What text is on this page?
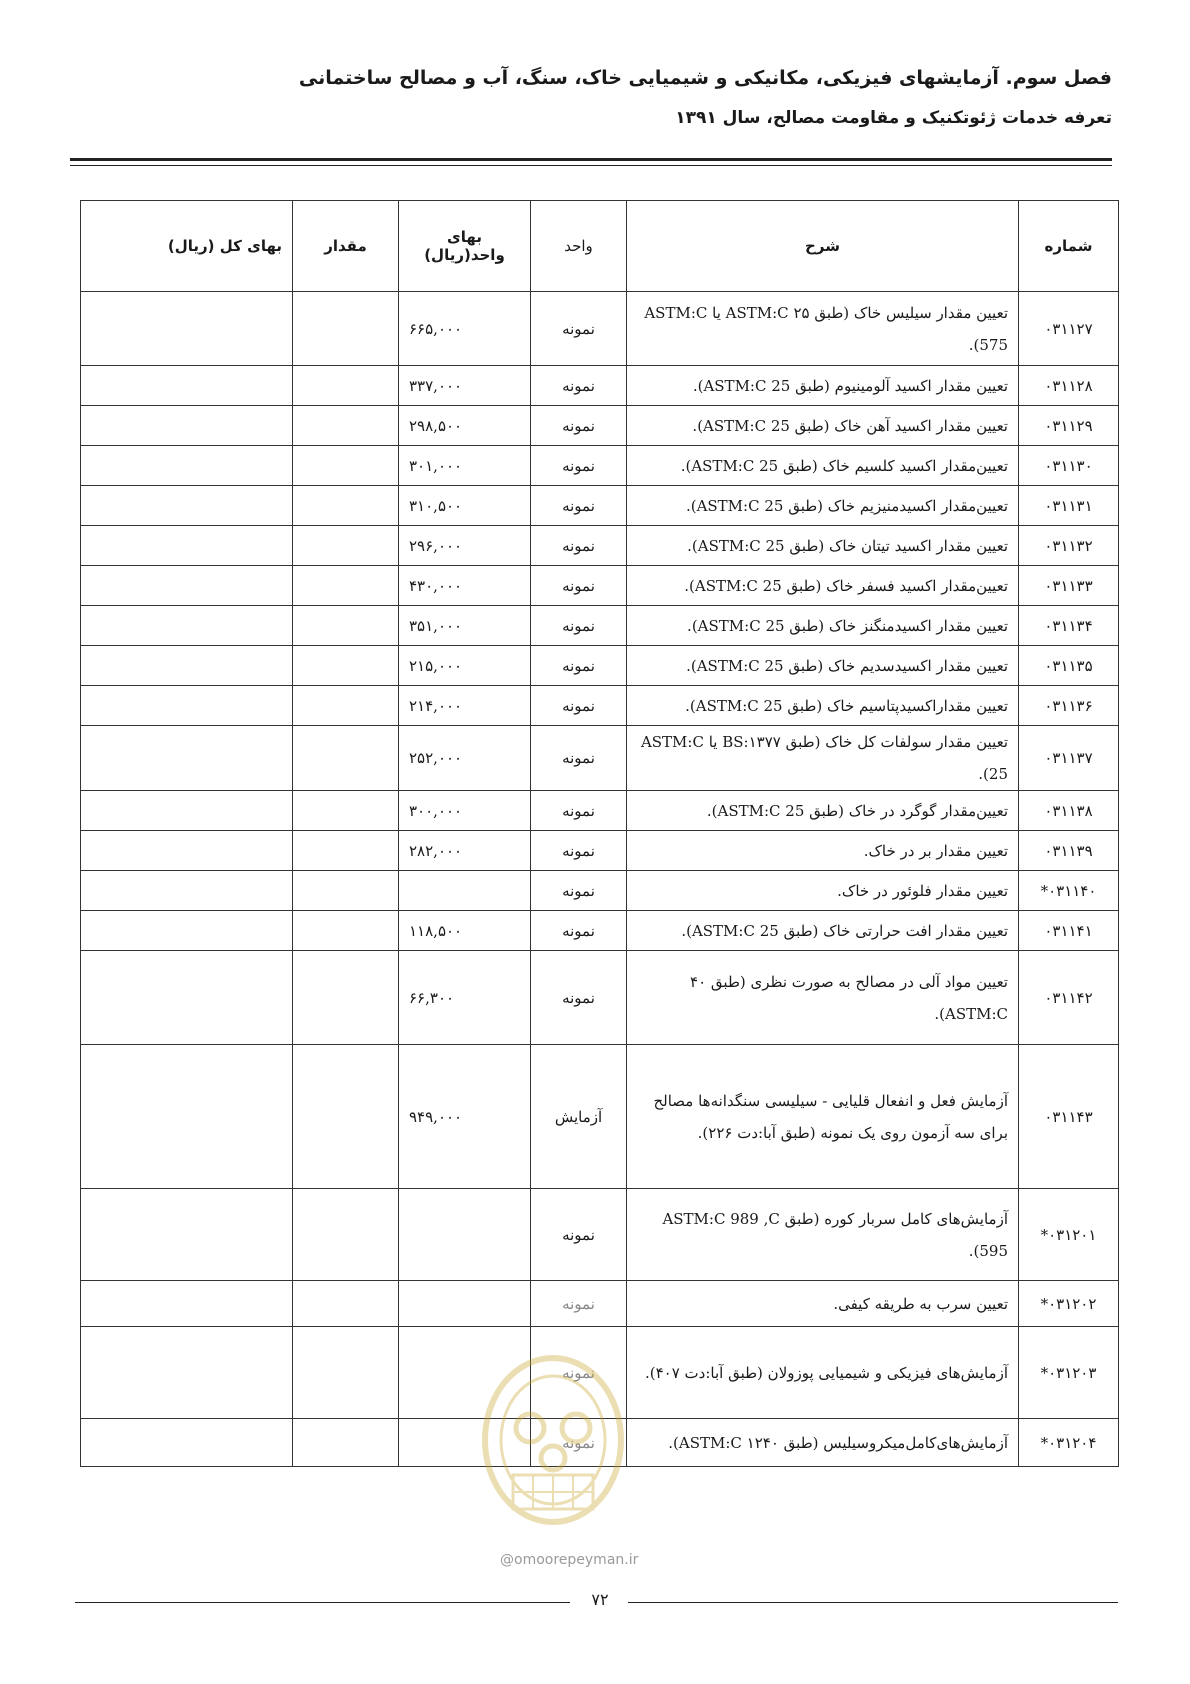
فصل سوم. آزمایشهای فیزیکی، مکانیکی و شیمیایی خاک، سنگ، آب و مصالح ساختمانی
تعرفه خدمات ژئوتکنیک و مقاومت مصالح، سال ۱۳۹۱
شماره	شرح	واحد	بهای واحد(ریال)	مقدار	بهای کل (ریال)
۰۳۱۱۲۷	تعیین مقدار سیلیس خاک (طبق ۲۵ ASTM:C یا ASTM:C 575).	نمونه	۶۶۵,۰۰۰		
۰۳۱۱۲۸	تعیین مقدار اکسید آلومینیوم (طبق ASTM:C 25).	نمونه	۳۳۷,۰۰۰		
۰۳۱۱۲۹	تعیین مقدار اکسید آهن خاک (طبق ASTM:C 25).	نمونه	۲۹۸,۵۰۰		
۰۳۱۱۳۰	تعیین‌مقدار اکسید کلسیم خاک (طبق ASTM:C 25).	نمونه	۳۰۱,۰۰۰		
۰۳۱۱۳۱	تعیین‌مقدار اکسیدمنیزیم خاک (طبق ASTM:C 25).	نمونه	۳۱۰,۵۰۰		
۰۳۱۱۳۲	تعیین مقدار اکسید تیتان خاک (طبق ASTM:C 25).	نمونه	۲۹۶,۰۰۰		
۰۳۱۱۳۳	تعیین‌مقدار اکسید فسفر خاک (طبق ASTM:C 25).	نمونه	۴۳۰,۰۰۰		
۰۳۱۱۳۴	تعیین مقدار اکسیدمنگنز خاک (طبق ASTM:C 25).	نمونه	۳۵۱,۰۰۰		
۰۳۱۱۳۵	تعیین مقدار اکسیدسدیم خاک (طبق ASTM:C 25).	نمونه	۲۱۵,۰۰۰		
۰۳۱۱۳۶	تعیین مقداراکسیدپتاسیم خاک (طبق ASTM:C 25).	نمونه	۲۱۴,۰۰۰		
۰۳۱۱۳۷	تعیین مقدار سولفات کل خاک (طبق BS:۱۳۷۷ یا ASTM:C 25).	نمونه	۲۵۲,۰۰۰		
۰۳۱۱۳۸	تعیین‌مقدار گوگرد در خاک (طبق ASTM:C 25).	نمونه	۳۰۰,۰۰۰		
۰۳۱۱۳۹	تعیین مقدار بر در خاک.	نمونه	۲۸۲,۰۰۰		
۰۳۱۱۴۰*	تعیین مقدار فلوئور در خاک.	نمونه			
۰۳۱۱۴۱	تعیین مقدار افت حرارتی خاک (طبق ASTM:C 25).	نمونه	۱۱۸,۵۰۰		
۰۳۱۱۴۲	تعیین مواد آلی در مصالح به صورت نظری (طبق ۴۰ ASTM:C).	نمونه	۶۶,۳۰۰		
۰۳۱۱۴۳	آزمایش فعل و انفعال قلیایی - سیلیسی سنگدانه‌ها مصالح برای سه آزمون روی یک نمونه (طبق آبا:دت ۲۲۶).	آزمایش	۹۴۹,۰۰۰		
۰۳۱۲۰۱*	آزمایش‌های کامل سربار کوره (طبق ASTM:C 989 ,C 595).	نمونه			
۰۳۱۲۰۲*	تعیین سرب به طریقه کیفی.	نمونه			
۰۳۱۲۰۳*	آزمایش‌های فیزیکی و شیمیایی پوزولان (طبق آبا:دت ۴۰۷).	نمونه			
۰۳۱۲۰۴*	آزمایش‌های‌کامل‌میکروسیلیس (طبق ۱۲۴۰ ASTM:C).	نمونه			
@omoorepeyman.ir
۷۲
